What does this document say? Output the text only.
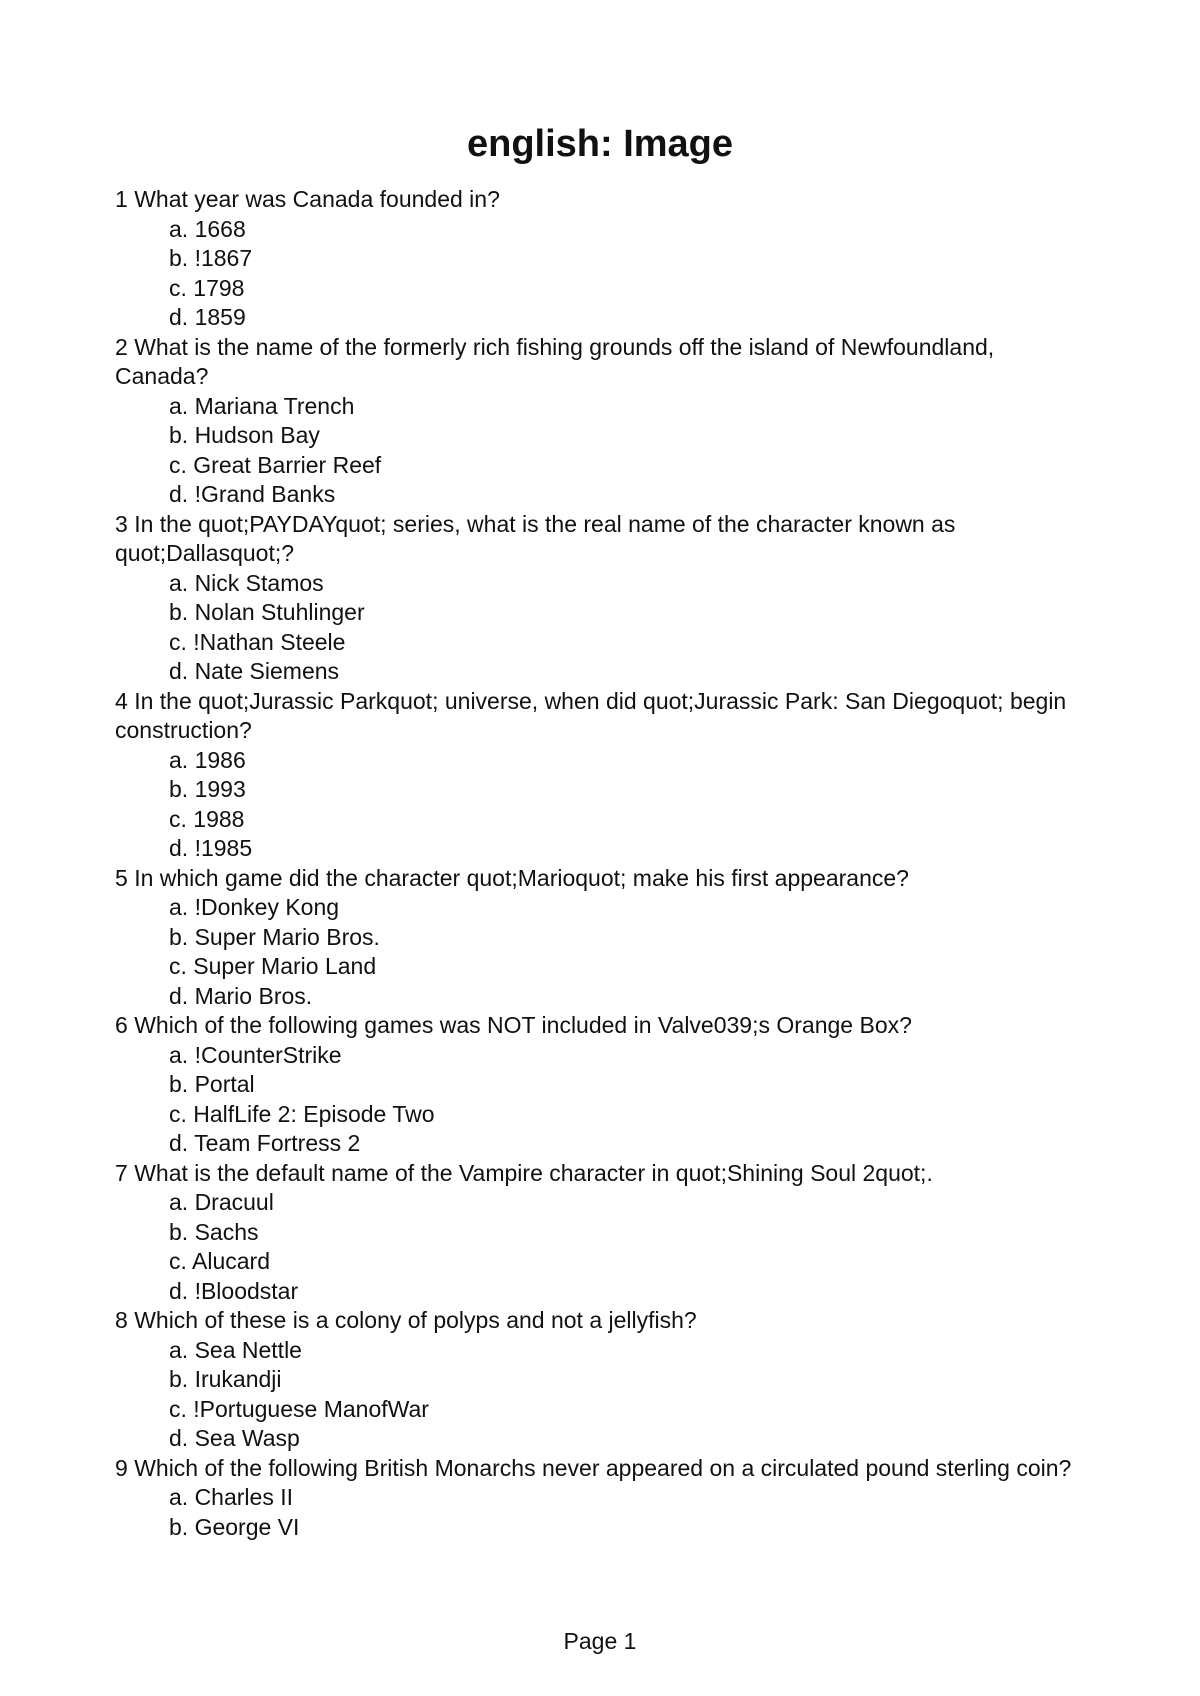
english: Image

1 What year was Canada founded in?

a. 1668
b. !1867
c. 1798
d. 1859

2 What is the name of the formerly rich fishing grounds off the island of Newfoundland, Canada?

a. Mariana Trench
b. Hudson Bay
c. Great Barrier Reef
d. !Grand Banks

3 In the quot;PAYDAYquot; series, what is the real name of the character known as quot;Dallasquot;?

a. Nick Stamos
b. Nolan Stuhlinger
c. !Nathan Steele
d. Nate Siemens

4 In the quot;Jurassic Parkquot; universe, when did quot;Jurassic Park: San Diegoquot; begin construction?

a. 1986
b. 1993
c. 1988
d. !1985

5 In which game did the character quot;Marioquot; make his first appearance?

a. !Donkey Kong
b. Super Mario Bros.
c. Super Mario Land
d. Mario Bros.

6 Which of the following games was NOT included in Valve039;s Orange Box?

a. !CounterStrike
b. Portal
c. HalfLife 2: Episode Two
d. Team Fortress 2

7 What is the default name of the Vampire character in quot;Shining Soul 2quot;.

a. Dracuul
b. Sachs
c. Alucard
d. !Bloodstar

8 Which of these is a colony of polyps and not a jellyfish?

a. Sea Nettle
b. Irukandji
c. !Portuguese ManofWar
d. Sea Wasp

9 Which of the following British Monarchs never appeared on a circulated pound sterling coin?

a. Charles II
b. George VI
Page 1
